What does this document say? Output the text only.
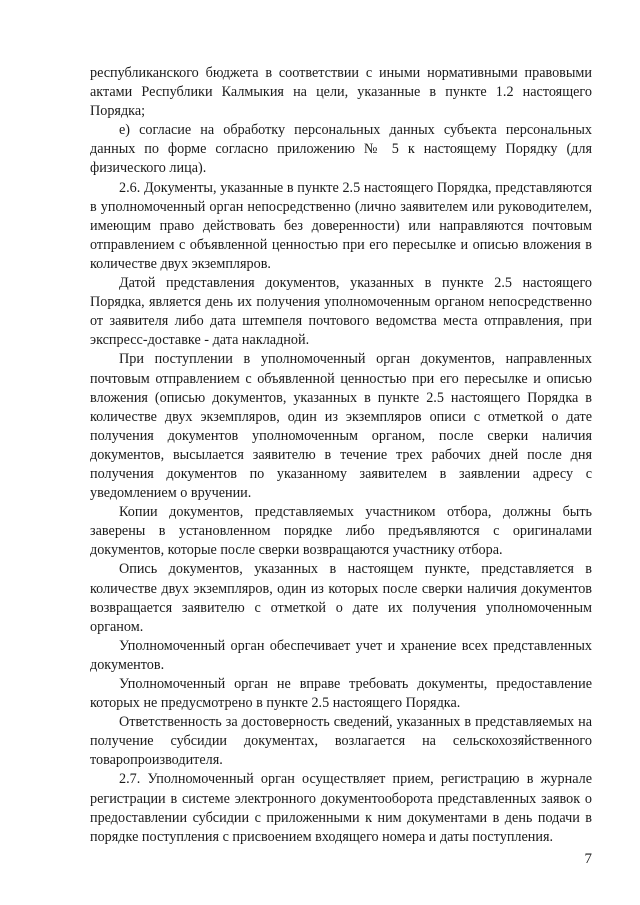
республиканского бюджета в соответствии с иными нормативными правовыми актами Республики Калмыкия на цели, указанные в пункте 1.2 настоящего Порядка;

е) согласие на обработку персональных данных субъекта персональных данных по форме согласно приложению № 5 к настоящему Порядку (для физического лица).

2.6. Документы, указанные в пункте 2.5 настоящего Порядка, представляются в уполномоченный орган непосредственно (лично заявителем или руководителем, имеющим право действовать без доверенности) или направляются почтовым отправлением с объявленной ценностью при его пересылке и описью вложения в количестве двух экземпляров.

Датой представления документов, указанных в пункте 2.5 настоящего Порядка, является день их получения уполномоченным органом непосредственно от заявителя либо дата штемпеля почтового ведомства места отправления, при экспресс-доставке - дата накладной.

При поступлении в уполномоченный орган документов, направленных почтовым отправлением с объявленной ценностью при его пересылке и описью вложения (описью документов, указанных в пункте 2.5 настоящего Порядка в количестве двух экземпляров, один из экземпляров описи с отметкой о дате получения документов уполномоченным органом, после сверки наличия документов, высылается заявителю в течение трех рабочих дней после дня получения документов по указанному заявителем в заявлении адресу с уведомлением о вручении.

Копии документов, представляемых участником отбора, должны быть заверены в установленном порядке либо предъявляются с оригиналами документов, которые после сверки возвращаются участнику отбора.

Опись документов, указанных в настоящем пункте, представляется в количестве двух экземпляров, один из которых после сверки наличия документов возвращается заявителю с отметкой о дате их получения уполномоченным органом.

Уполномоченный орган обеспечивает учет и хранение всех представленных документов.

Уполномоченный орган не вправе требовать документы, предоставление которых не предусмотрено в пункте 2.5 настоящего Порядка.

Ответственность за достоверность сведений, указанных в представляемых на получение субсидии документах, возлагается на сельскохозяйственного товаропроизводителя.

2.7. Уполномоченный орган осуществляет прием, регистрацию в журнале регистрации в системе электронного документооборота представленных заявок о предоставлении субсидии с приложенными к ним документами в день подачи в порядке поступления с присвоением входящего номера и даты поступления.

7
